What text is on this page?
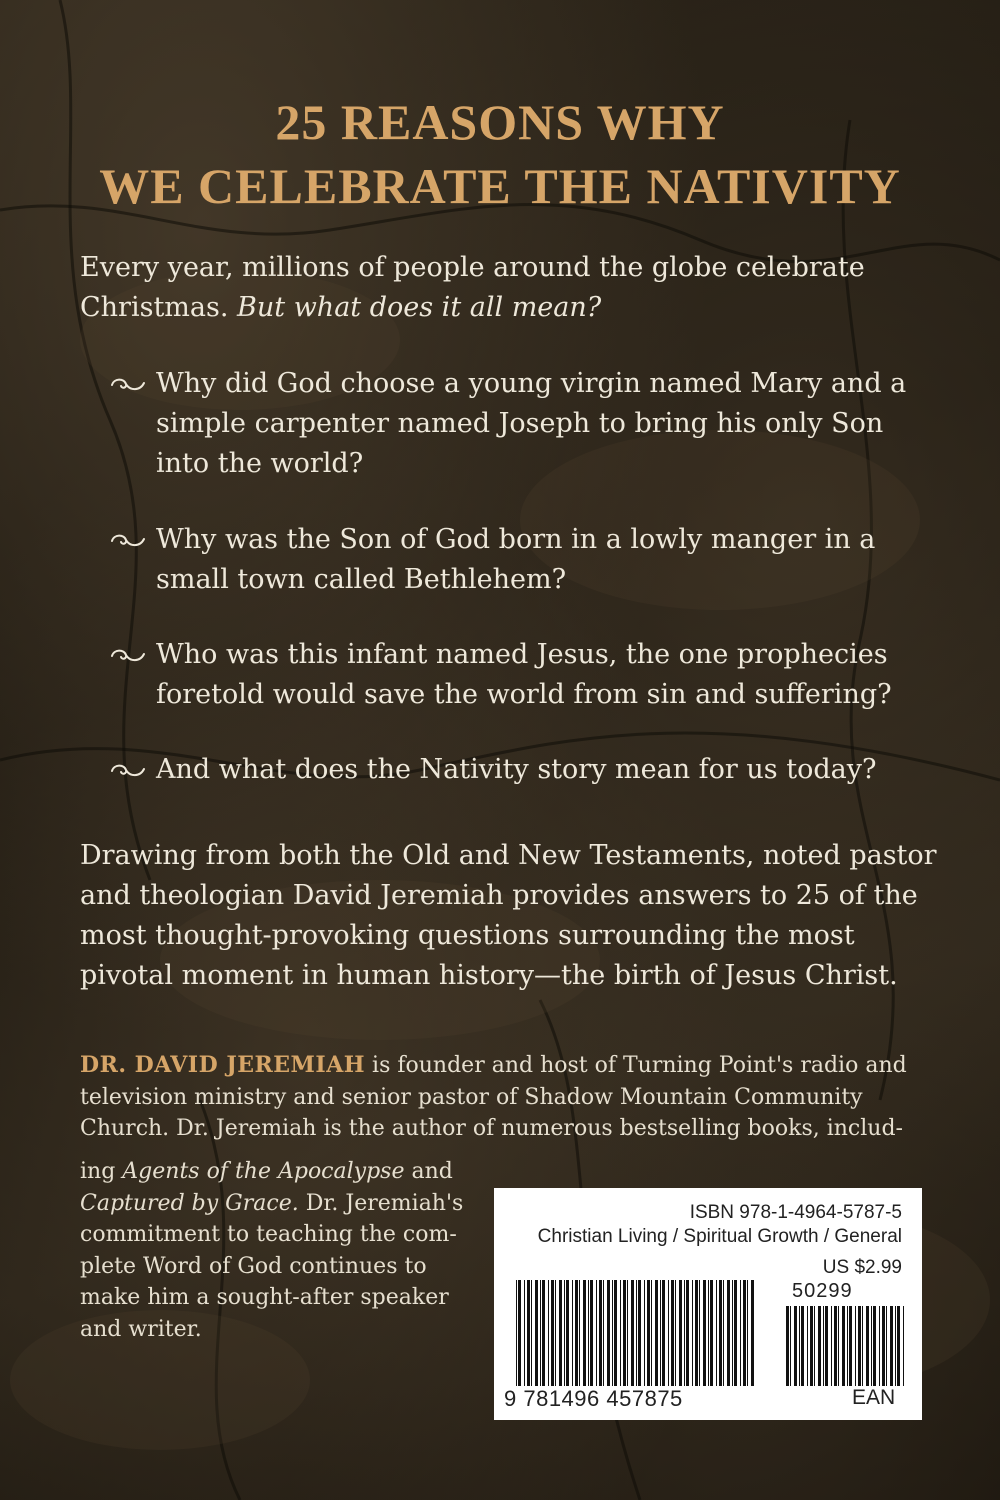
25 REASONS WHY
WE CELEBRATE THE NATIVITY

Every year, millions of people around the globe celebrate Christmas. But what does it all mean?

Why did God choose a young virgin named Mary and a simple carpenter named Joseph to bring his only Son into the world?
Why was the Son of God born in a lowly manger in a small town called Bethlehem?
Who was this infant named Jesus, the one prophecies foretold would save the world from sin and suffering?
And what does the Nativity story mean for us today?

Drawing from both the Old and New Testaments, noted pastor and theologian David Jeremiah provides answers to 25 of the most thought-provoking questions surrounding the most pivotal moment in human history—the birth of Jesus Christ.

DR. DAVID JEREMIAH is founder and host of Turning Point's radio and television ministry and senior pastor of Shadow Mountain Community Church. Dr. Jeremiah is the author of numerous bestselling books, includ-

ing Agents of the Apocalypse and Captured by Grace. Dr. Jeremiah's commitment to teaching the com-plete Word of God continues to make him a sought-after speaker and writer.

ISBN 978-1-4964-5787-5
Christian Living / Spiritual Growth / General
US $2.99
50299
9 781496 457875	EAN
